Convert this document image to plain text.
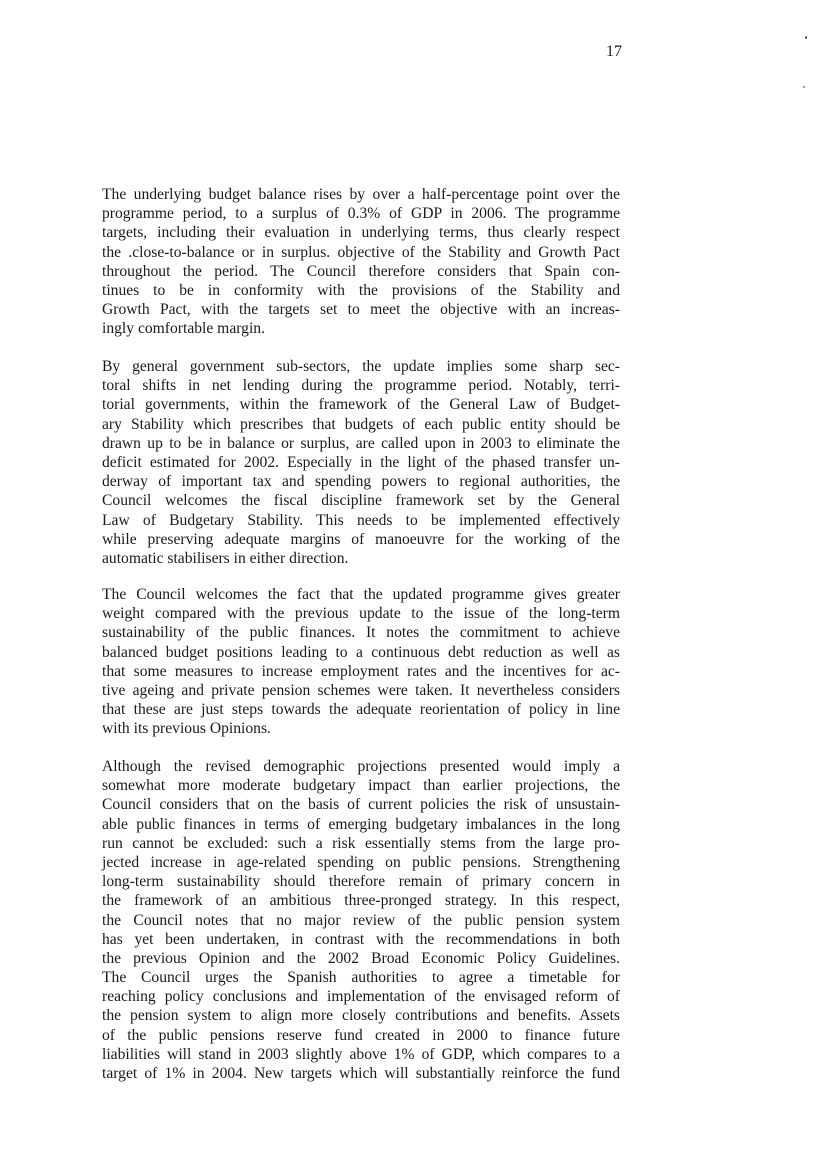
17
The underlying budget balance rises by over a half-percentage point over the
programme period, to a surplus of 0.3% of GDP in 2006. The programme
targets, including their evaluation in underlying terms, thus clearly respect
the .close-to-balance or in surplus. objective of the Stability and Growth Pact
throughout the period. The Council therefore considers that Spain con-
tinues to be in conformity with the provisions of the Stability and
Growth Pact, with the targets set to meet the objective with an increas-
ingly comfortable margin.
By general government sub-sectors, the update implies some sharp sec-
toral shifts in net lending during the programme period. Notably, terri-
torial governments, within the framework of the General Law of Budget-
ary Stability which prescribes that budgets of each public entity should be
drawn up to be in balance or surplus, are called upon in 2003 to eliminate the
deficit estimated for 2002. Especially in the light of the phased transfer un-
derway of important tax and spending powers to regional authorities, the
Council welcomes the fiscal discipline framework set by the General
Law of Budgetary Stability. This needs to be implemented effectively
while preserving adequate margins of manoeuvre for the working of the
automatic stabilisers in either direction.
The Council welcomes the fact that the updated programme gives greater
weight compared with the previous update to the issue of the long-term
sustainability of the public finances. It notes the commitment to achieve
balanced budget positions leading to a continuous debt reduction as well as
that some measures to increase employment rates and the incentives for ac-
tive ageing and private pension schemes were taken. It nevertheless considers
that these are just steps towards the adequate reorientation of policy in line
with its previous Opinions.
Although the revised demographic projections presented would imply a
somewhat more moderate budgetary impact than earlier projections, the
Council considers that on the basis of current policies the risk of unsustain-
able public finances in terms of emerging budgetary imbalances in the long
run cannot be excluded: such a risk essentially stems from the large pro-
jected increase in age-related spending on public pensions. Strengthening
long-term sustainability should therefore remain of primary concern in
the framework of an ambitious three-pronged strategy. In this respect,
the Council notes that no major review of the public pension system
has yet been undertaken, in contrast with the recommendations in both
the previous Opinion and the 2002 Broad Economic Policy Guidelines.
The Council urges the Spanish authorities to agree a timetable for
reaching policy conclusions and implementation of the envisaged reform of
the pension system to align more closely contributions and benefits. Assets
of the public pensions reserve fund created in 2000 to finance future
liabilities will stand in 2003 slightly above 1% of GDP, which compares to a
target of 1% in 2004. New targets which will substantially reinforce the fund
